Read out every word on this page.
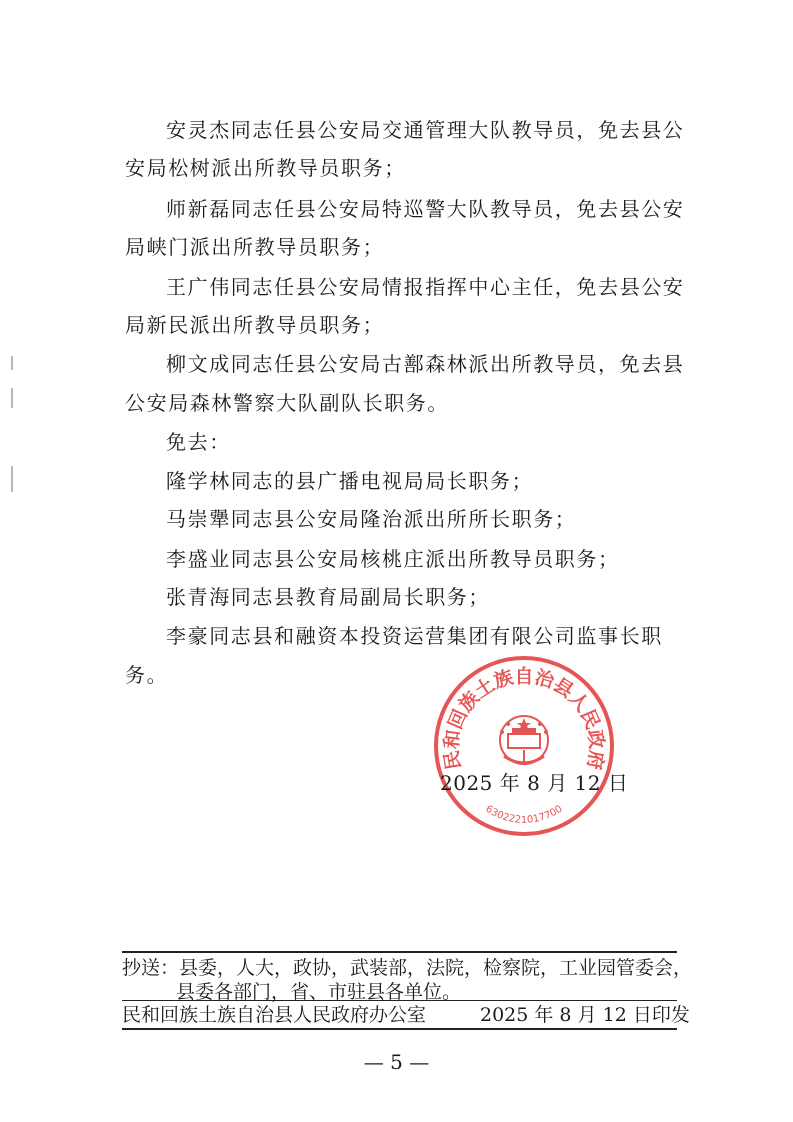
安灵杰同志任县公安局交通管理大队教导员，免去县公
安局松树派出所教导员职务；
师新磊同志任县公安局特巡警大队教导员，免去县公安
局峡门派出所教导员职务；
王广伟同志任县公安局情报指挥中心主任，免去县公安
局新民派出所教导员职务；
柳文成同志任县公安局古鄯森林派出所教导员，免去县
公安局森林警察大队副队长职务。
免去：
隆学林同志的县广播电视局局长职务；
马崇犟同志县公安局隆治派出所所长职务；
李盛业同志县公安局核桃庄派出所教导员职务；
张青海同志县教育局副局长职务；
李豪同志县和融资本投资运营集团有限公司监事长职
务。
民和回族土族自治县人民政府
6302221017700
2025 年 8 月 12 日
抄送：县委，人大，政协，武装部，法院，检察院，工业园管委会，
县委各部门，省、市驻县各单位。
民和回族土族自治县人民政府办公室	2025 年 8 月 12 日印发
— 5 —
